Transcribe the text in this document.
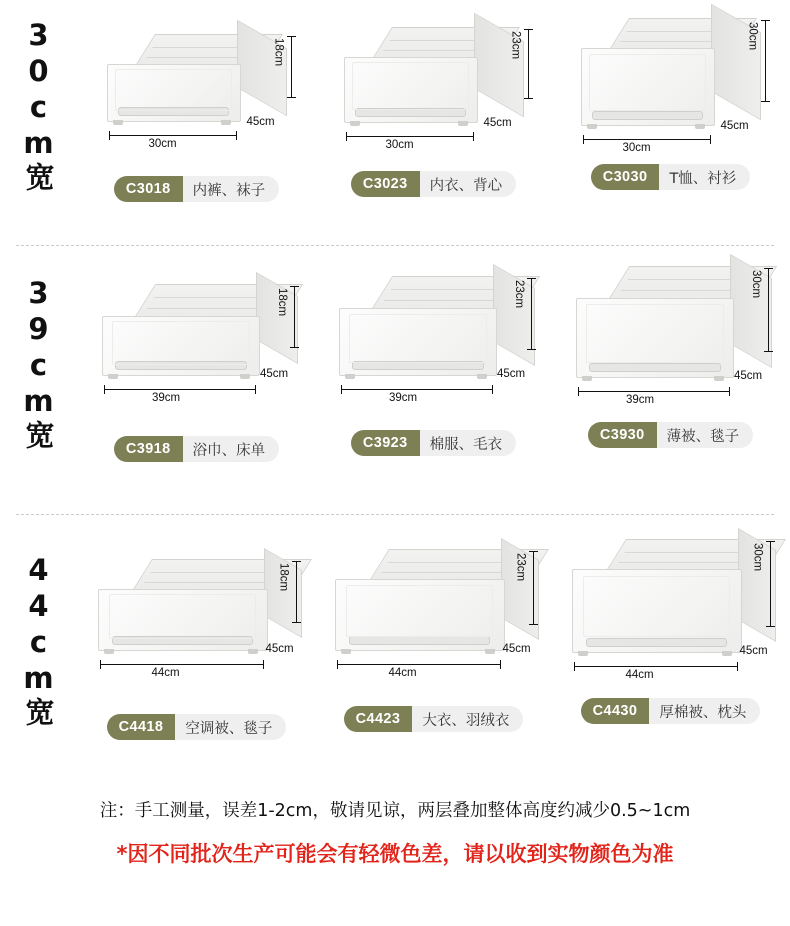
30cm宽	18cm
45cm
30cm
C3018	内裤、袜子
23cm
45cm
30cm
C3023	内衣、背心
30cm
45cm
30cm
C3030	T恤、衬衫
39cm宽	18cm
45cm
39cm
C3918	浴巾、床单
23cm
45cm
39cm
C3923	棉服、毛衣
30cm
45cm
39cm
C3930	薄被、毯子
44cm宽	18cm
45cm
44cm
C4418	空调被、毯子
23cm
45cm
44cm
C4423	大衣、羽绒衣
30cm
45cm
44cm
C4430	厚棉被、枕头
注：手工测量，误差1-2cm，敬请见谅，两层叠加整体高度约减少0.5~1cm
*因不同批次生产可能会有轻微色差，请以收到实物颜色为准
